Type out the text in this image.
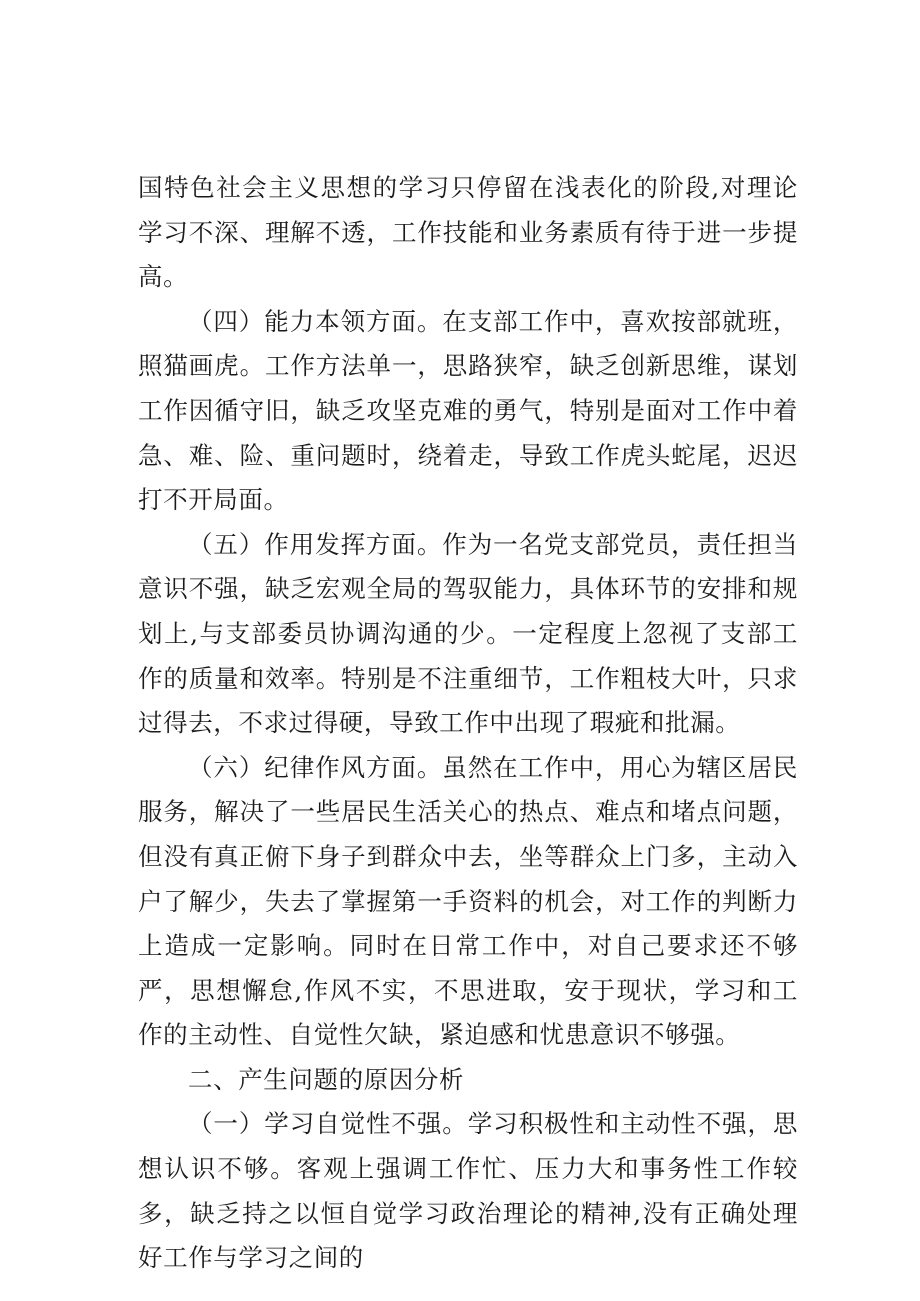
国特色社会主义思想的学习只停留在浅表化的阶段,对理论学习不深、理解不透，工作技能和业务素质有待于进一步提高。

（四）能力本领方面。在支部工作中，喜欢按部就班，照猫画虎。工作方法单一，思路狭窄，缺乏创新思维，谋划工作因循守旧，缺乏攻坚克难的勇气，特别是面对工作中着急、难、险、重问题时，绕着走，导致工作虎头蛇尾，迟迟打不开局面。

（五）作用发挥方面。作为一名党支部党员，责任担当意识不强，缺乏宏观全局的驾驭能力，具体环节的安排和规划上,与支部委员协调沟通的少。一定程度上忽视了支部工作的质量和效率。特别是不注重细节，工作粗枝大叶，只求过得去，不求过得硬，导致工作中出现了瑕疵和批漏。

（六）纪律作风方面。虽然在工作中，用心为辖区居民服务，解决了一些居民生活关心的热点、难点和堵点问题，但没有真正俯下身子到群众中去，坐等群众上门多，主动入户了解少，失去了掌握第一手资料的机会，对工作的判断力上造成一定影响。同时在日常工作中，对自己要求还不够严，思想懈怠,作风不实，不思进取，安于现状，学习和工作的主动性、自觉性欠缺，紧迫感和忧患意识不够强。

二、产生问题的原因分析

（一）学习自觉性不强。学习积极性和主动性不强，思想认识不够。客观上强调工作忙、压力大和事务性工作较多，缺乏持之以恒自觉学习政治理论的精神,没有正确处理好工作与学习之间的
